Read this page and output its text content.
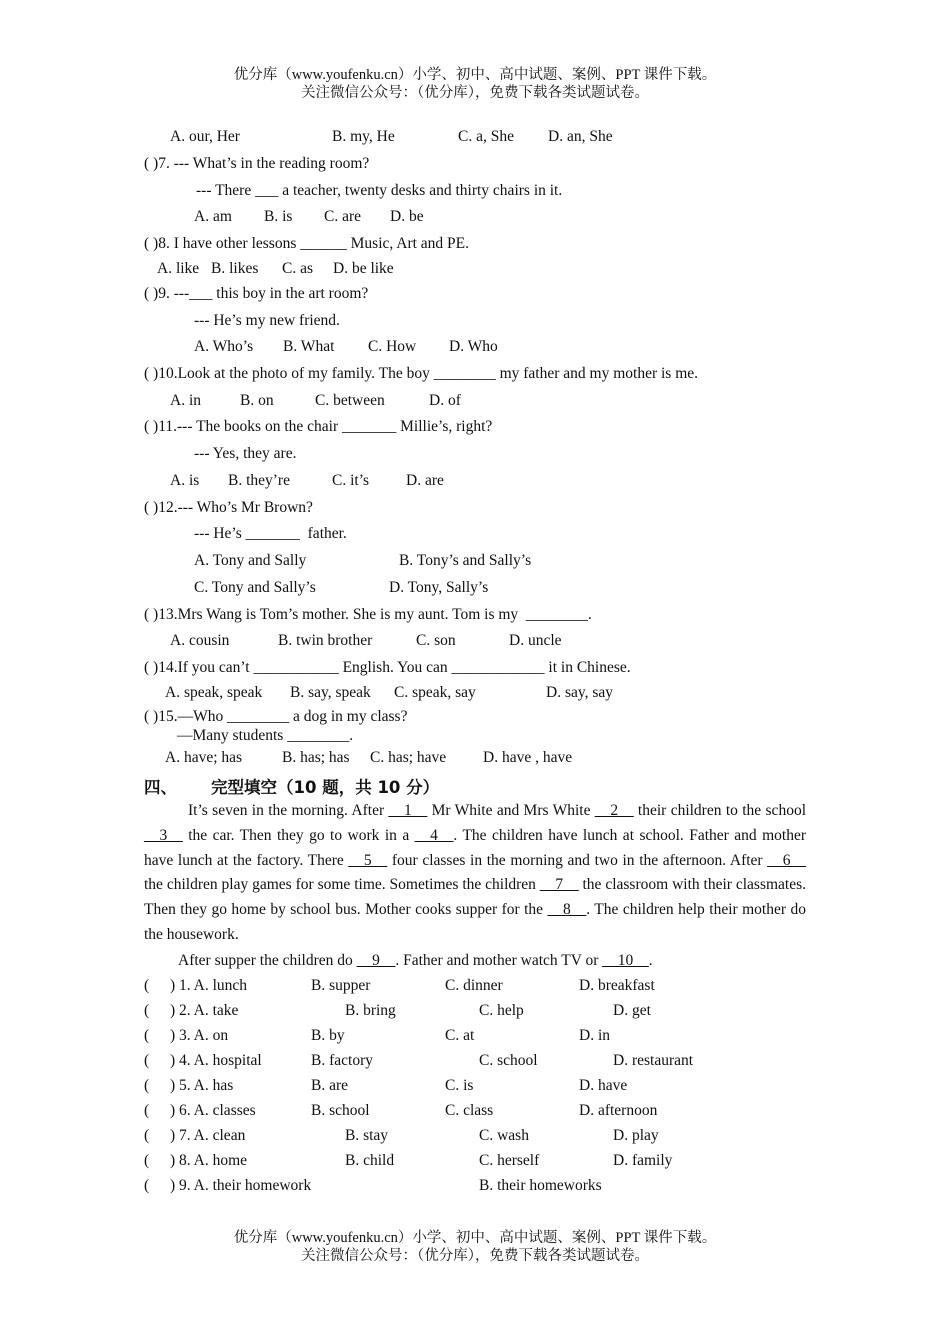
优分库（www.youfenku.cn）小学、初中、高中试题、案例、PPT 课件下载。
关注微信公众号：（优分库），免费下载各类试题试卷。
A. our, Her	B. my, He	C. a, She D. an, She
( )7. --- What’s in the reading room?
--- There ___ a teacher, twenty desks and thirty chairs in it.
A. am B. is C. are D. be
( )8. I have other lessons ______ Music, Art and PE.
A. like B. likes C. as D. be like
( )9. ---___ this boy in the art room?
--- He’s my new friend.
A. Who’s B. What C. How D. Who
( )10.Look at the photo of my family. The boy ________ my father and my mother is me.
A. in	B. on	C. between	D. of
( )11.--- The books on the chair _______ Millie’s, right?
--- Yes, they are.
A. is B. they’re	C. it’s D. are
( )12.--- Who’s Mr Brown?
--- He’s _______  father.
A. Tony and Sally	B. Tony’s and Sally’s
C. Tony and Sally’s	D. Tony, Sally’s
( )13.Mrs Wang is Tom’s mother. She is my aunt. Tom is my  ________.
A. cousin	B. twin brother	C. son	D. uncle
( )14.If you can’t ___________ English. You can ____________ it in Chinese.
A. speak, speak B. say, speak C. speak, say	D. say, say
( )15.—Who ________ a dog in my class?
—Many students ________.
A. have; has	B. has; has C. has; have D. have , have
四、 完型填空（10 题，共 10 分）
It’s seven in the morning. After __1__ Mr White and Mrs White __2__ their children to the school __3__ the car. Then they go to work in a __4__. The children have lunch at school. Father and mother have lunch at the factory. There __5__ four classes in the morning and two in the afternoon. After __6__ the children play games for some time. Sometimes the children __7__ the classroom with their classmates. Then they go home by school bus. Mother cooks supper for the __8__. The children help their mother do the housework.
After supper the children do __9__. Father and mother watch TV or __10__.
( ) 1. A. lunch	B. supper	C. dinner	D. breakfast
( ) 2. A. take	B. bring	C. help	D. get
( ) 3. A. on	B. by	C. at	D. in
( ) 4. A. hospital	B. factory	C. school	D. restaurant
( ) 5. A. has	B. are	C. is	D. have
( ) 6. A. classes	B. school	C. class	D. afternoon
( ) 7. A. clean	B. stay	C. wash	D. play
( ) 8. A. home	B. child	C. herself	D. family
( ) 9. A. their homework	B. their homeworks
优分库（www.youfenku.cn）小学、初中、高中试题、案例、PPT 课件下载。
关注微信公众号：（优分库），免费下载各类试题试卷。
